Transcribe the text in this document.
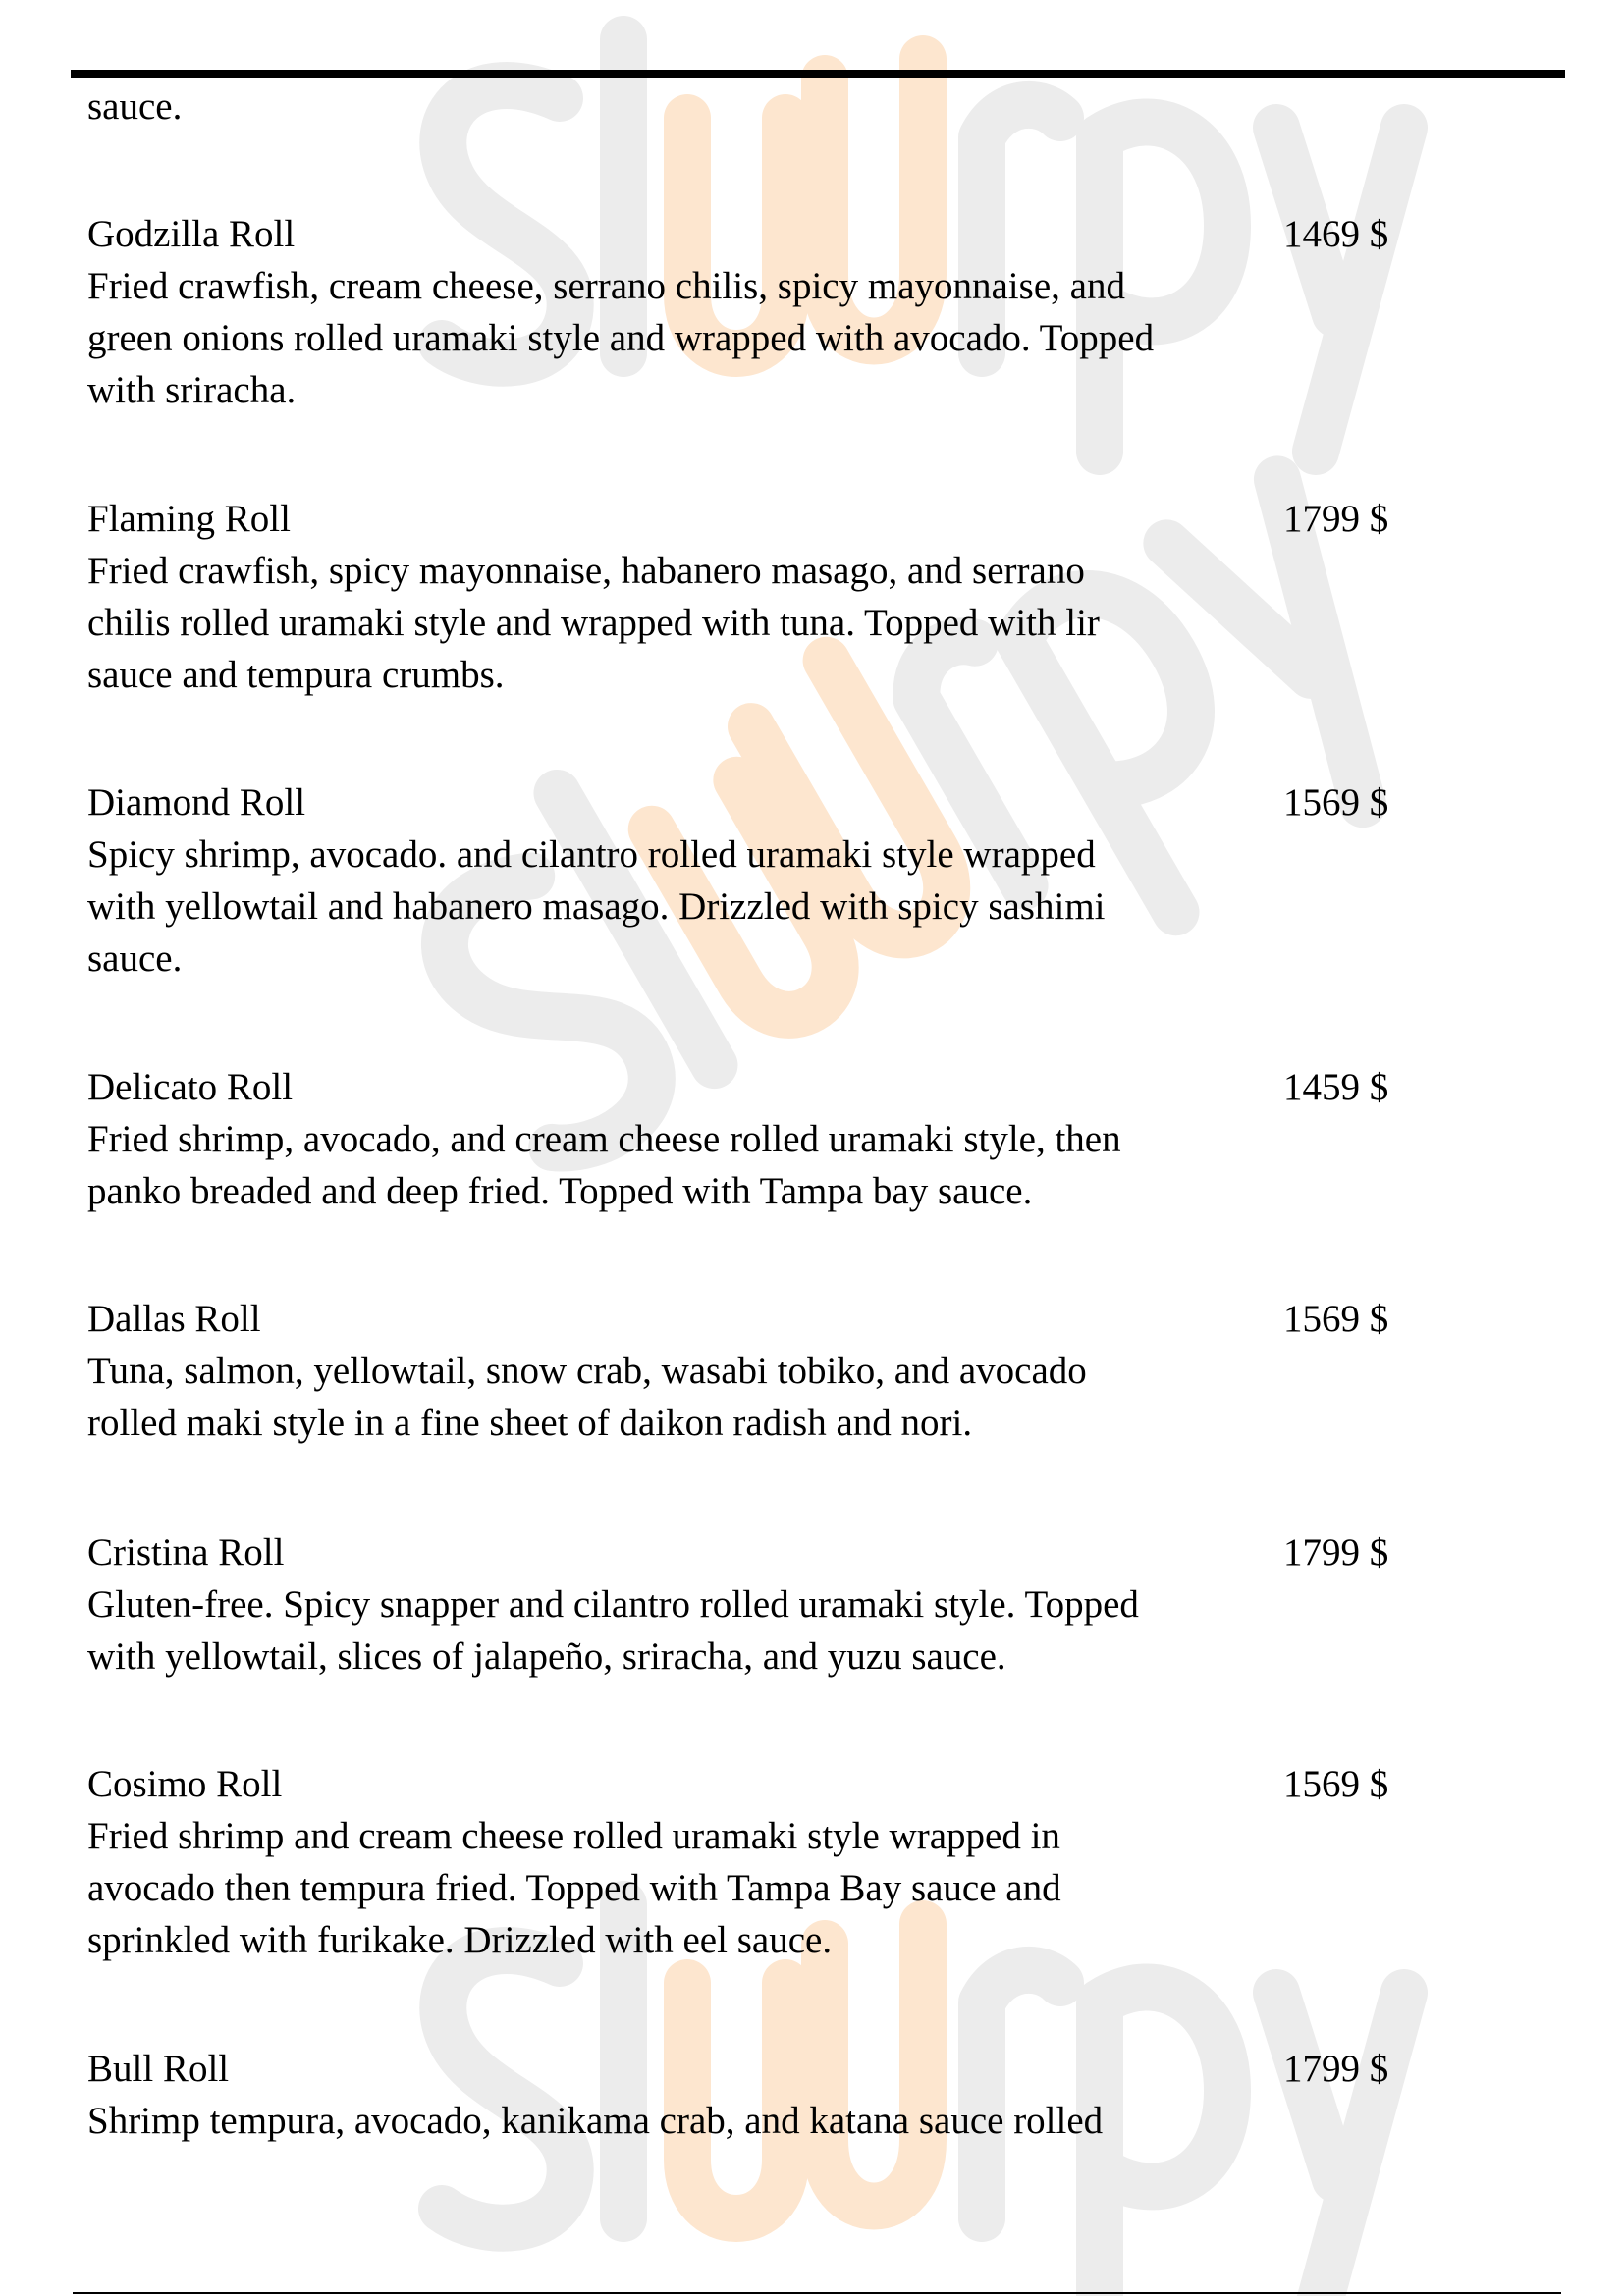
sauce.
Godzilla Roll	1469 $
Fried crawfish, cream cheese, serrano chilis, spicy mayonnaise, and
green onions rolled uramaki style and wrapped with avocado. Topped
with sriracha.
Flaming Roll	1799 $
Fried crawfish, spicy mayonnaise, habanero masago, and serrano
chilis rolled uramaki style and wrapped with tuna. Topped with lir
sauce and tempura crumbs.
Diamond Roll	1569 $
Spicy shrimp, avocado. and cilantro rolled uramaki style wrapped
with yellowtail and habanero masago. Drizzled with spicy sashimi
sauce.
Delicato Roll	1459 $
Fried shrimp, avocado, and cream cheese rolled uramaki style, then
panko breaded and deep fried. Topped with Tampa bay sauce.
Dallas Roll	1569 $
Tuna, salmon, yellowtail, snow crab, wasabi tobiko, and avocado
rolled maki style in a fine sheet of daikon radish and nori.
Cristina Roll	1799 $
Gluten-free. Spicy snapper and cilantro rolled uramaki style. Topped
with yellowtail, slices of jalapeño, sriracha, and yuzu sauce.
Cosimo Roll	1569 $
Fried shrimp and cream cheese rolled uramaki style wrapped in
avocado then tempura fried. Topped with Tampa Bay sauce and
sprinkled with furikake. Drizzled with eel sauce.
Bull Roll	1799 $
Shrimp tempura, avocado, kanikama crab, and katana sauce rolled
